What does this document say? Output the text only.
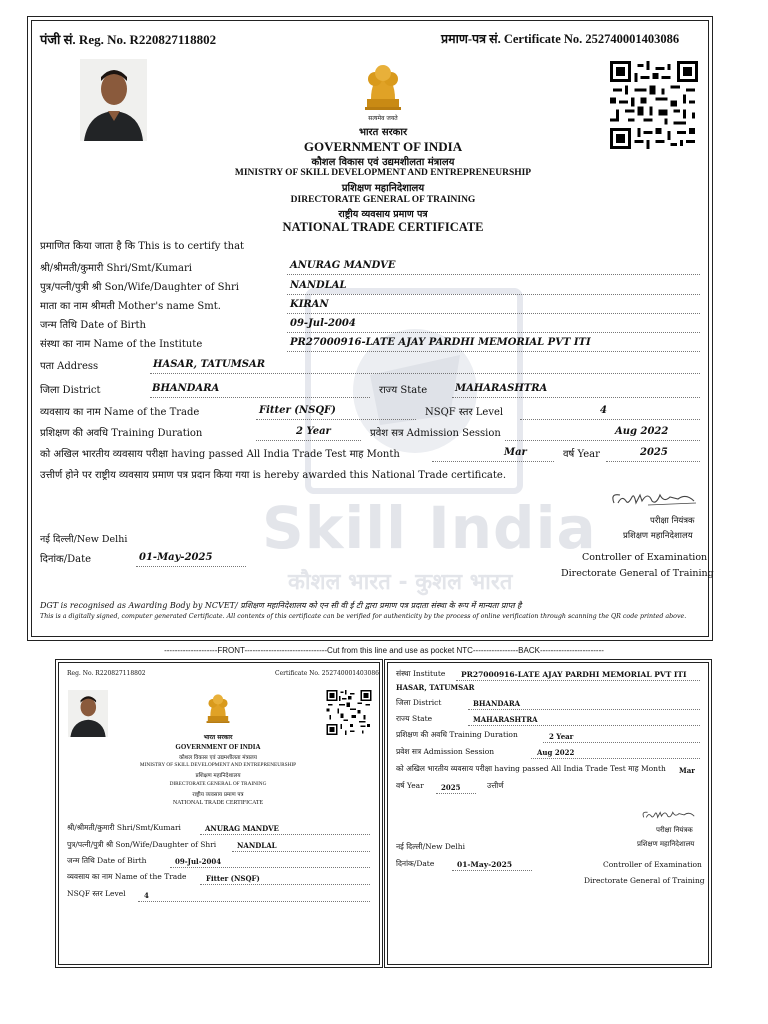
Skill India
कौशल भारत - कुशल भारत
पंजी सं. Reg. No. R220827118802	प्रमाण-पत्र सं. Certificate No. 252740001403086
सत्यमेव जयते
भारत सरकार
GOVERNMENT OF INDIA
कौशल विकास एवं उद्यमशीलता मंत्रालय
MINISTRY OF SKILL DEVELOPMENT AND ENTREPRENEURSHIP
प्रशिक्षण महानिदेशालय
DIRECTORATE GENERAL OF TRAINING
राष्ट्रीय व्यवसाय प्रमाण पत्र
NATIONAL TRADE CERTIFICATE
प्रमाणित किया जाता है कि This is to certify that
श्री/श्रीमती/कुमारी Shri/Smt/Kumari	ANURAG MANDVE
पुत्र/पत्नी/पुत्री श्री Son/Wife/Daughter of Shri	NANDLAL
माता का नाम श्रीमती Mother's name Smt.	KIRAN
जन्म तिथि Date of Birth	09-Jul-2004
संस्था का नाम Name of the Institute	PR27000916-LATE AJAY PARDHI MEMORIAL PVT ITI
पता Address	HASAR, TATUMSAR
जिला District	BHANDARA	राज्य State	MAHARASHTRA
व्यवसाय का नाम Name of the Trade	Fitter (NSQF)	NSQF स्तर Level	4
प्रशिक्षण की अवधि Training Duration	2 Year	प्रवेश सत्र Admission Session	Aug 2022
को अखिल भारतीय व्यवसाय परीक्षा having passed All India Trade Test माह Month	Mar	वर्ष Year	2025
उत्तीर्ण होने पर राष्ट्रीय व्यवसाय प्रमाण पत्र प्रदान किया गया is hereby awarded this National Trade certificate.
परीक्षा नियंत्रक
प्रशिक्षण महानिदेशालय
नई दिल्ली/New Delhi
दिनांक/Date	01-May-2025	Controller of Examination
Directorate General of Training
DGT is recognised as Awarding Body by NCVET/ प्रशिक्षण महानिदेशालय को एन सी वी ई टी द्वारा प्रमाण पत्र प्रदाता संस्था के रूप में मान्यता प्राप्त है
This is a digitally signed, computer generated Certificate. All contents of this certificate can be verified for authenticity by the process of online verification through scanning the QR code printed above.
--------------------FRONT-------------------------------Cut from this line and use as pocket NTC-----------------BACK------------------------
Reg. No. R220827118802	Certificate No. 252740001403086
भारत सरकार
GOVERNMENT OF INDIA
कौशल विकास एवं उद्यमशीलता मंत्रालय
MINISTRY OF SKILL DEVELOPMENT AND ENTREPRENEURSHIP
प्रशिक्षण महानिदेशालय
DIRECTORATE GENERAL OF TRAINING
राष्ट्रीय व्यवसाय प्रमाण पत्र
NATIONAL TRADE CERTIFICATE
श्री/श्रीमती/कुमारी Shri/Smt/Kumari	ANURAG MANDVE
पुत्र/पत्नी/पुत्री श्री Son/Wife/Daughter of Shri	NANDLAL
जन्म तिथि Date of Birth	09-Jul-2004
व्यवसाय का नाम Name of the Trade	Fitter (NSQF)
NSQF स्तर Level	4
संस्था Institute PR27000916-LATE AJAY PARDHI MEMORIAL PVT ITI
HASAR, TATUMSAR
जिला District	BHANDARA
राज्य State	MAHARASHTRA
प्रशिक्षण की अवधि Training Duration	2 Year
प्रवेश सत्र Admission Session	Aug 2022
को अखिल भारतीय व्यवसाय परीक्षा having passed All India Trade Test माह Month Mar
वर्ष Year 2025	उत्तीर्ण
परीक्षा नियंत्रक
प्रशिक्षण महानिदेशालय
नई दिल्ली/New Delhi
दिनांक/Date	01-May-2025	Controller of Examination
Directorate General of Training
